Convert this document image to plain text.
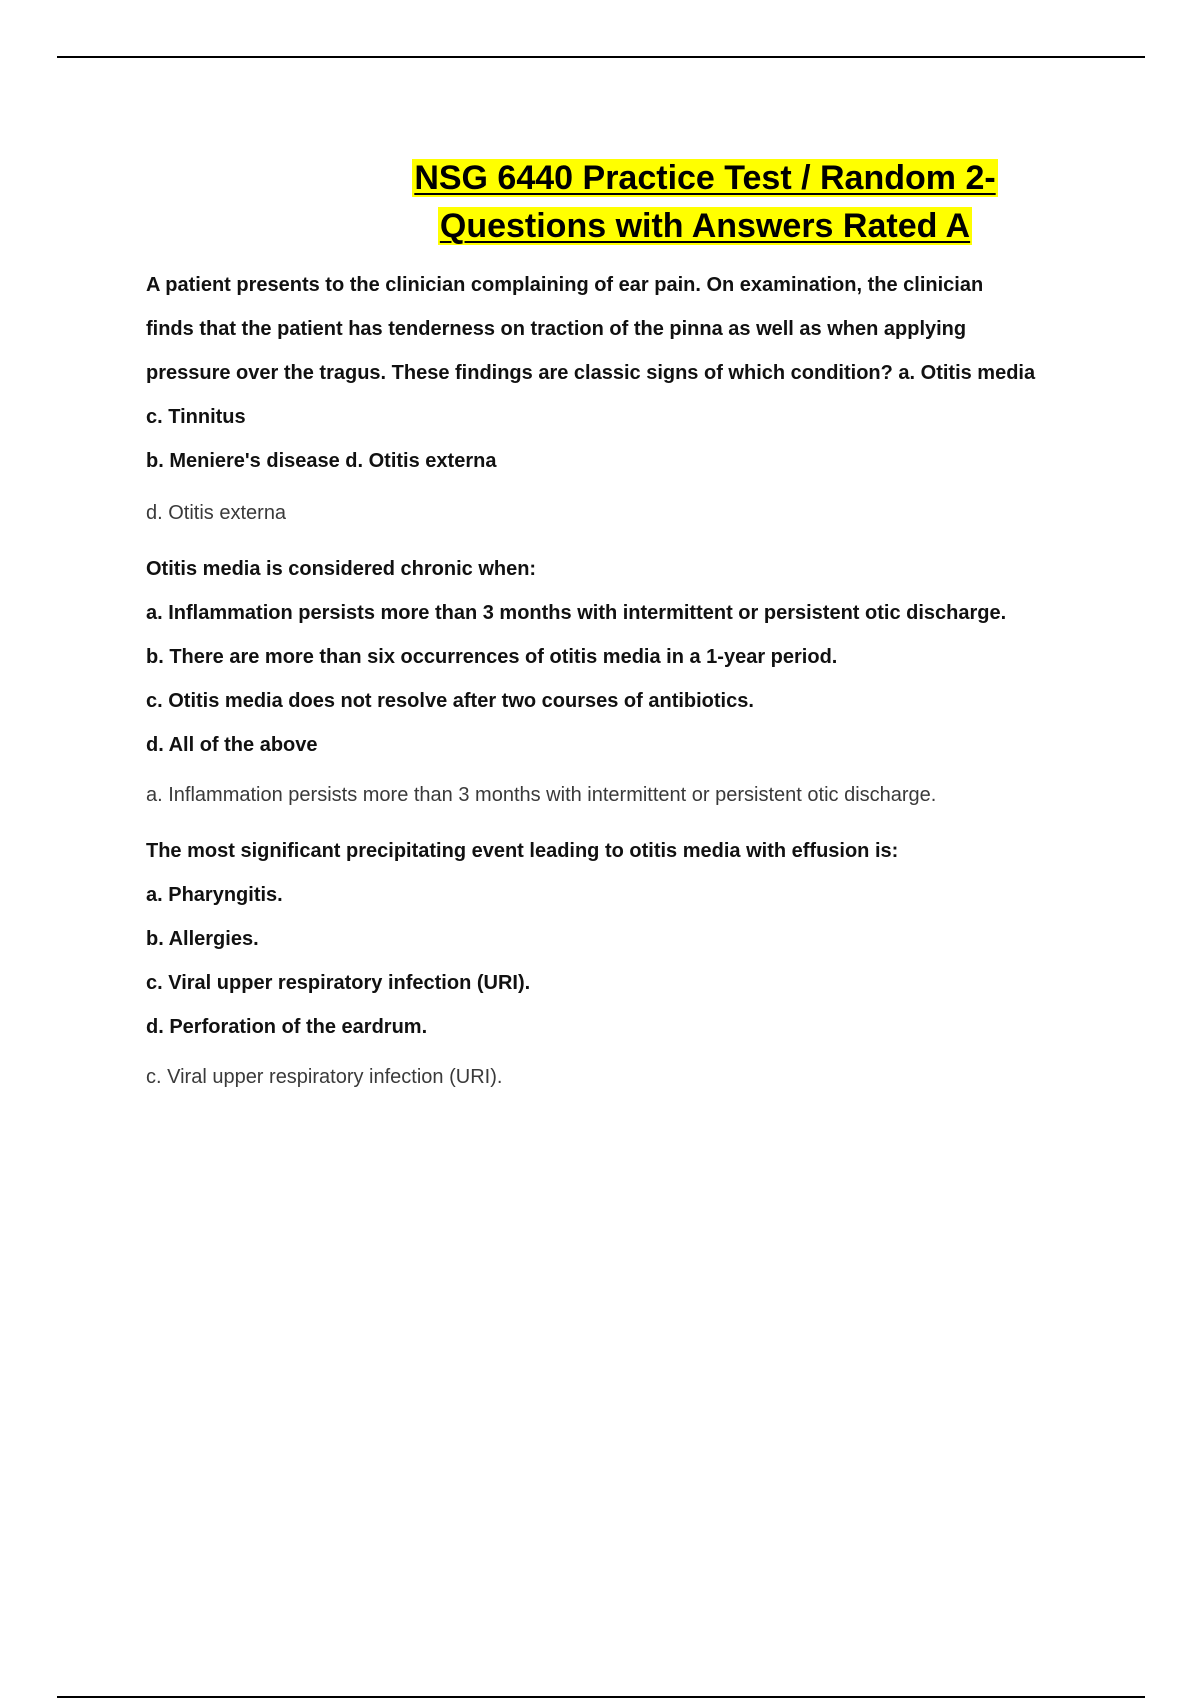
NSG 6440 Practice Test / Random 2-
Questions with Answers Rated A

A patient presents to the clinician complaining of ear pain. On examination, the clinician

finds that the patient has tenderness on traction of the pinna as well as when applying

pressure over the tragus. These findings are classic signs of which condition? a. Otitis media

c. Tinnitus

b. Meniere's disease d. Otitis externa

d. Otitis externa

Otitis media is considered chronic when:

a. Inflammation persists more than 3 months with intermittent or persistent otic discharge.

b. There are more than six occurrences of otitis media in a 1-year period.

c. Otitis media does not resolve after two courses of antibiotics.

d. All of the above

a. Inflammation persists more than 3 months with intermittent or persistent otic discharge.

The most significant precipitating event leading to otitis media with effusion is:

a. Pharyngitis.

b. Allergies.

c. Viral upper respiratory infection (URI).

d. Perforation of the eardrum.

c. Viral upper respiratory infection (URI).
